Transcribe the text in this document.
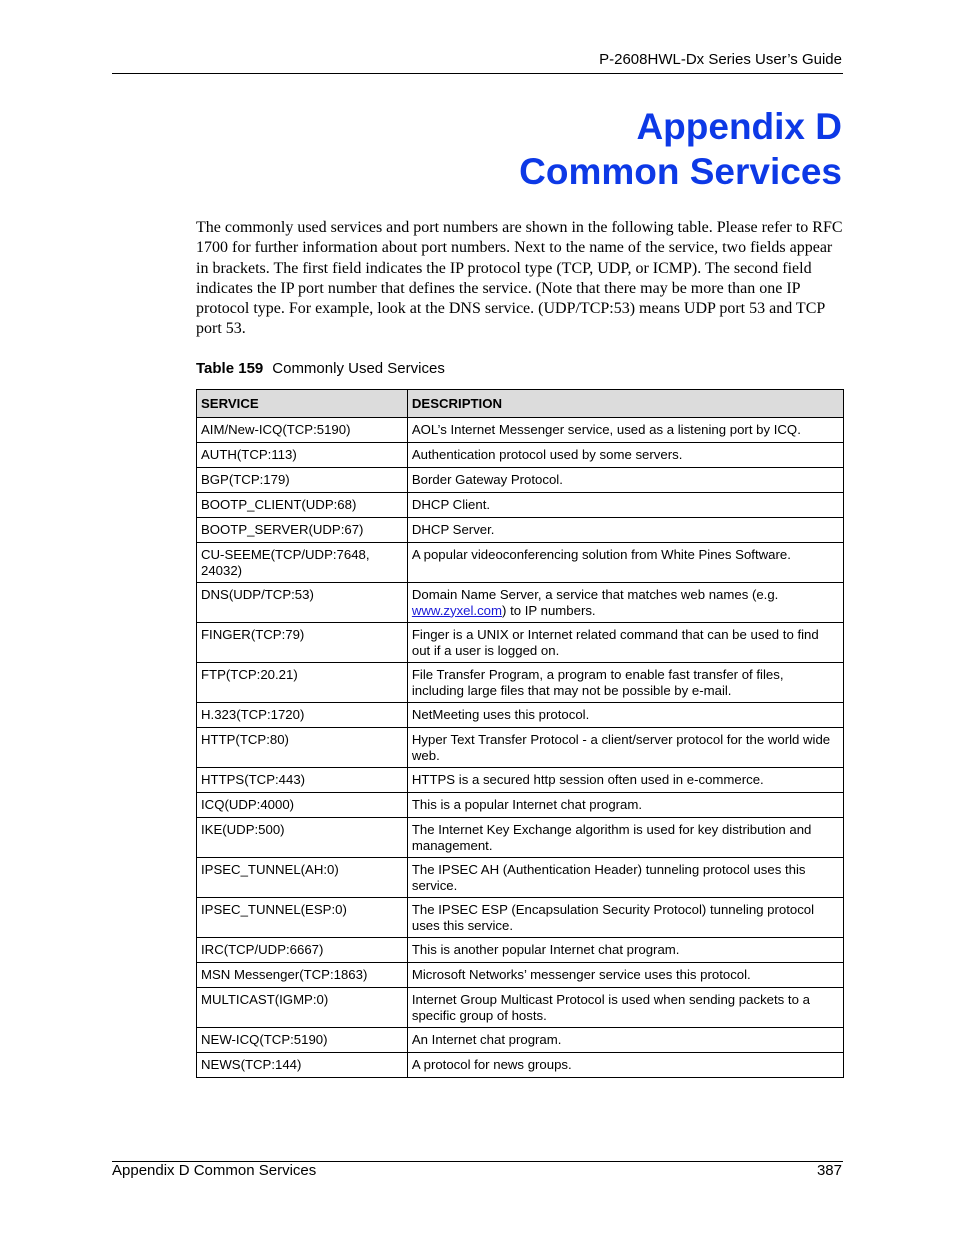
P-2608HWL-Dx Series User’s Guide
Appendix D
Common Services

The commonly used services and port numbers are shown in the following table. Please refer to RFC 1700 for further information about port numbers. Next to the name of the service, two fields appear in brackets. The first field indicates the IP protocol type (TCP, UDP, or ICMP). The second field indicates the IP port number that defines the service. (Note that there may be more than one IP protocol type. For example, look at the DNS service. (UDP/TCP:53) means UDP port 53 and TCP port 53.

Table 159 Commonly Used Services
SERVICE	DESCRIPTION
AIM/New-ICQ(TCP:5190)	AOL’s Internet Messenger service, used as a listening port by ICQ.
AUTH(TCP:113)	Authentication protocol used by some servers.
BGP(TCP:179)	Border Gateway Protocol.
BOOTP_CLIENT(UDP:68)	DHCP Client.
BOOTP_SERVER(UDP:67)	DHCP Server.
CU-SEEME(TCP/UDP:7648, 24032)	A popular videoconferencing solution from White Pines Software.
DNS(UDP/TCP:53)	Domain Name Server, a service that matches web names (e.g. www.zyxel.com) to IP numbers.
FINGER(TCP:79)	Finger is a UNIX or Internet related command that can be used to find out if a user is logged on.
FTP(TCP:20.21)	File Transfer Program, a program to enable fast transfer of files, including large files that may not be possible by e-mail.
H.323(TCP:1720)	NetMeeting uses this protocol.
HTTP(TCP:80)	Hyper Text Transfer Protocol - a client/server protocol for the world wide web.
HTTPS(TCP:443)	HTTPS is a secured http session often used in e-commerce.
ICQ(UDP:4000)	This is a popular Internet chat program.
IKE(UDP:500)	The Internet Key Exchange algorithm is used for key distribution and management.
IPSEC_TUNNEL(AH:0)	The IPSEC AH (Authentication Header) tunneling protocol uses this service.
IPSEC_TUNNEL(ESP:0)	The IPSEC ESP (Encapsulation Security Protocol) tunneling protocol uses this service.
IRC(TCP/UDP:6667)	This is another popular Internet chat program.
MSN Messenger(TCP:1863)	Microsoft Networks’ messenger service uses this protocol.
MULTICAST(IGMP:0)	Internet Group Multicast Protocol is used when sending packets to a specific group of hosts.
NEW-ICQ(TCP:5190)	An Internet chat program.
NEWS(TCP:144)	A protocol for news groups.
Appendix D Common Services	387
